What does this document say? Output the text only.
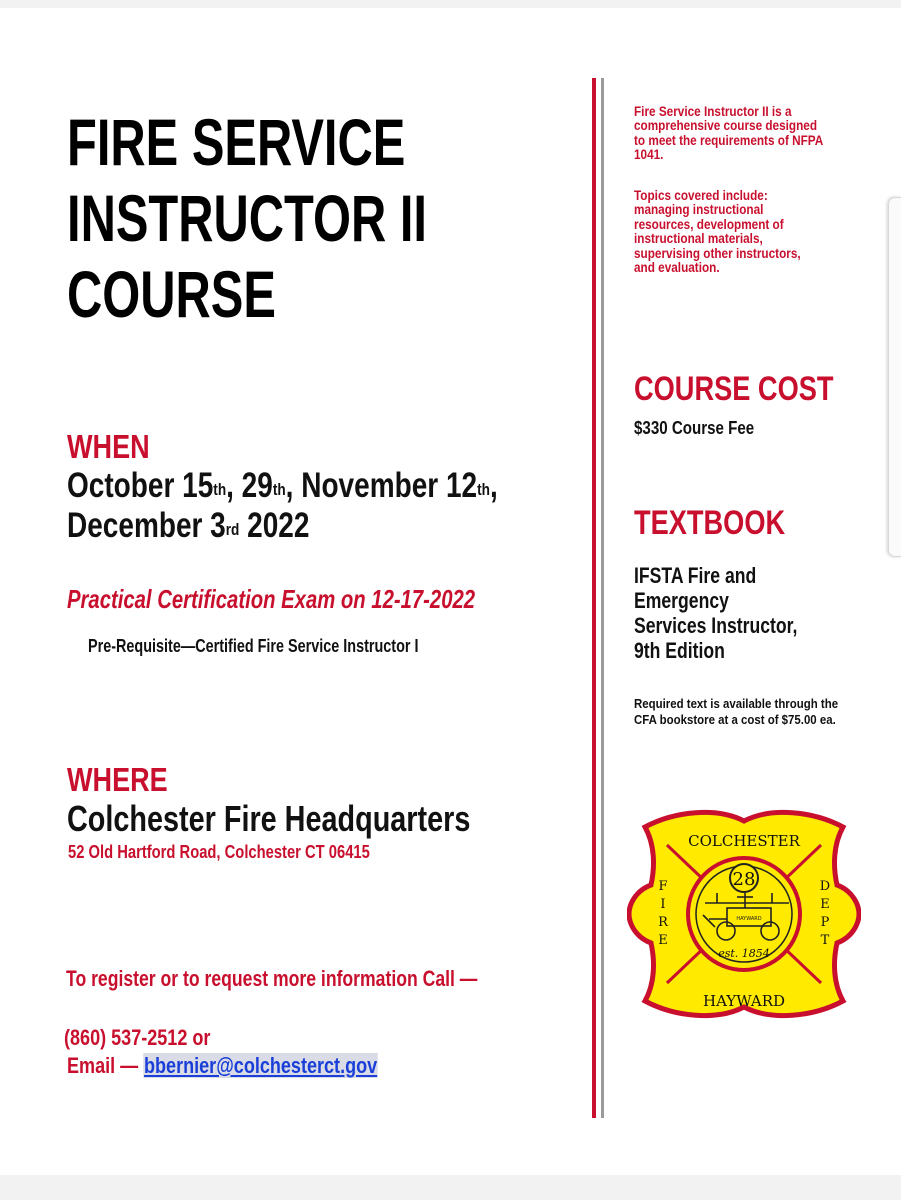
FIRE SERVICE
INSTRUCTOR II
COURSE
WHEN
October 15th, 29th, November 12th,
December 3rd 2022
Practical Certification Exam on 12-17-2022
Pre-Requisite—Certified Fire Service Instructor I
WHERE
Colchester Fire Headquarters
52 Old Hartford Road, Colchester CT 06415
To register or to request more information Call —
(860) 537-2512 or
Email — bbernier@colchesterct.gov
Fire Service Instructor II is a
comprehensive course designed
to meet the requirements of NFPA
1041.
Topics covered include:
managing instructional
resources, development of
instructional materials,
supervising other instructors,
and evaluation.
COURSE COST
$330 Course Fee
TEXTBOOK
IFSTA Fire and
Emergency
Services Instructor,
9th Edition
Required text is available through the
CFA bookstore at a cost of $75.00 ea.
28
HAYWARD
est. 1854
COLCHESTER
HAYWARD
F
I
R
E
D
E
P
T
